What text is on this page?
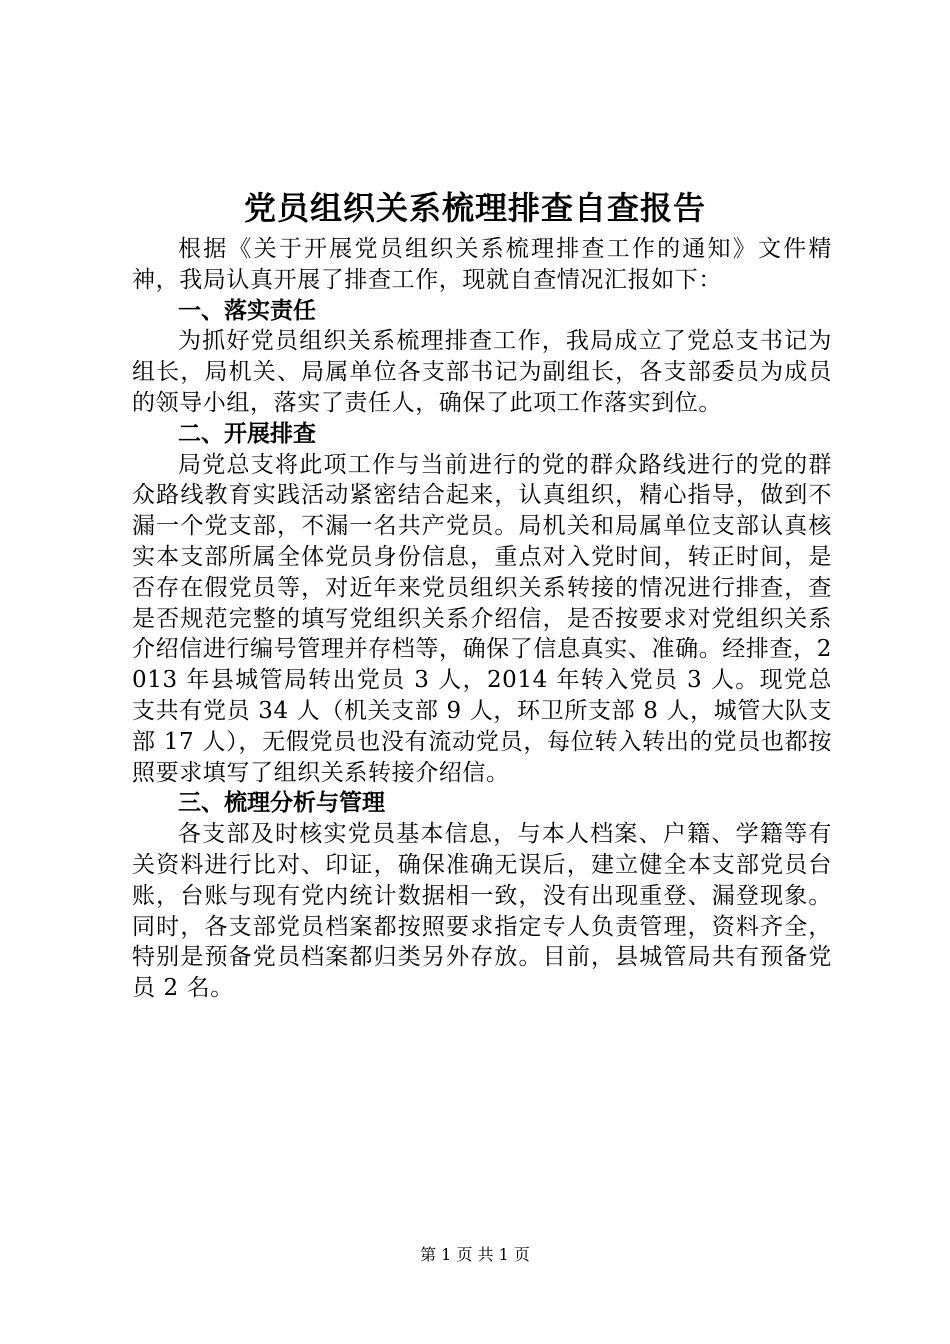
党员组织关系梳理排查自查报告

根据《关于开展党员组织关系梳理排查工作的通知》文件精神，我局认真开展了排查工作，现就自查情况汇报如下：

一、落实责任

为抓好党员组织关系梳理排查工作，我局成立了党总支书记为组长，局机关、局属单位各支部书记为副组长，各支部委员为成员的领导小组，落实了责任人，确保了此项工作落实到位。

二、开展排查

局党总支将此项工作与当前进行的党的群众路线进行的党的群众路线教育实践活动紧密结合起来，认真组织，精心指导，做到不漏一个党支部，不漏一名共产党员。局机关和局属单位支部认真核实本支部所属全体党员身份信息，重点对入党时间，转正时间，是否存在假党员等，对近年来党员组织关系转接的情况进行排查，查是否规范完整的填写党组织关系介绍信，是否按要求对党组织关系介绍信进行编号管理并存档等，确保了信息真实、准确。经排查，2013 年县城管局转出党员 3 人，2014 年转入党员 3 人。现党总支共有党员 34 人（机关支部 9 人，环卫所支部 8 人，城管大队支部 17 人），无假党员也没有流动党员，每位转入转出的党员也都按照要求填写了组织关系转接介绍信。

三、梳理分析与管理

各支部及时核实党员基本信息，与本人档案、户籍、学籍等有关资料进行比对、印证，确保准确无误后，建立健全本支部党员台账，台账与现有党内统计数据相一致，没有出现重登、漏登现象。同时，各支部党员档案都按照要求指定专人负责管理，资料齐全，特别是预备党员档案都归类另外存放。目前，县城管局共有预备党员 2 名。

第 1 页 共 1 页
